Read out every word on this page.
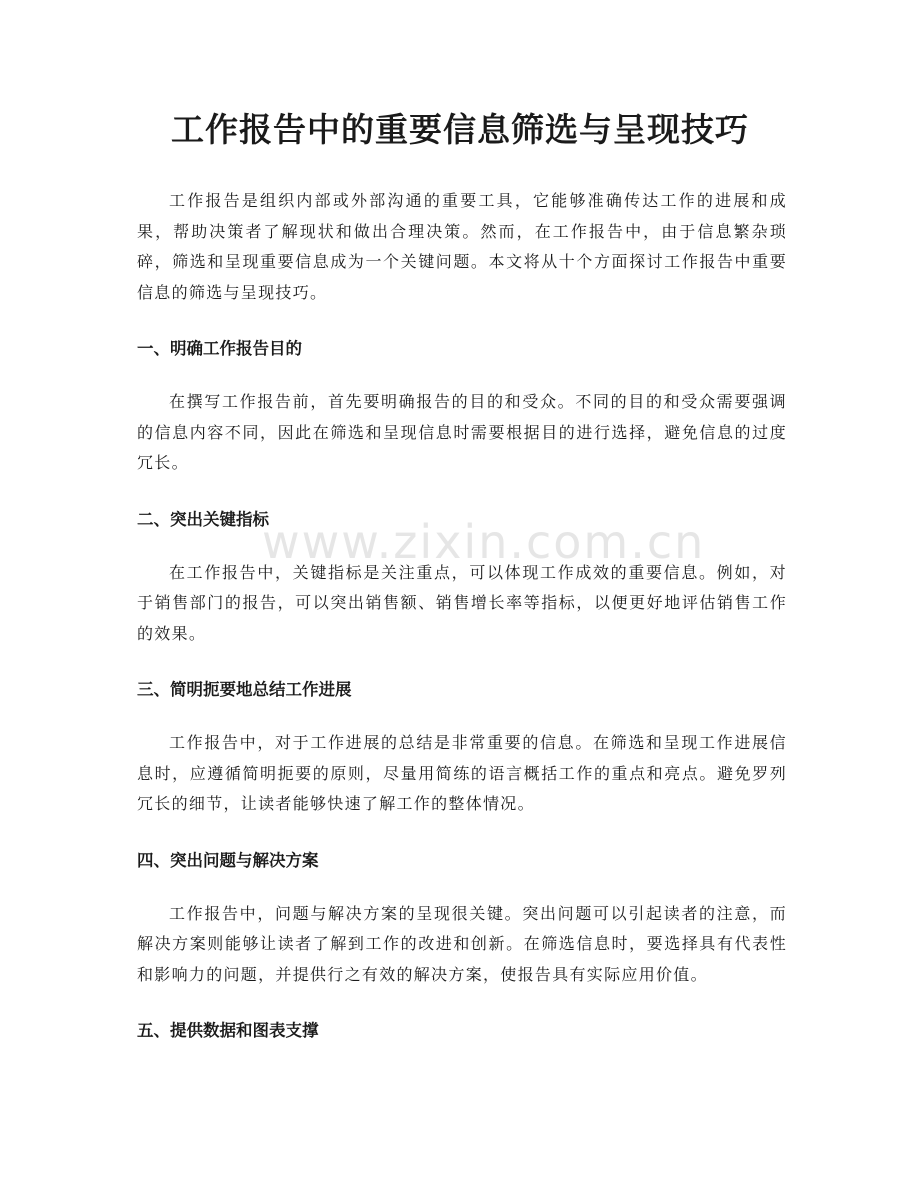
工作报告中的重要信息筛选与呈现技巧
www.zixin.com.cn

工作报告是组织内部或外部沟通的重要工具，它能够准确传达工作的进展和成果，帮助决策者了解现状和做出合理决策。然而，在工作报告中，由于信息繁杂琐碎，筛选和呈现重要信息成为一个关键问题。本文将从十个方面探讨工作报告中重要信息的筛选与呈现技巧。

一、明确工作报告目的

在撰写工作报告前，首先要明确报告的目的和受众。不同的目的和受众需要强调的信息内容不同，因此在筛选和呈现信息时需要根据目的进行选择，避免信息的过度冗长。

二、突出关键指标

在工作报告中，关键指标是关注重点，可以体现工作成效的重要信息。例如，对于销售部门的报告，可以突出销售额、销售增长率等指标，以便更好地评估销售工作的效果。

三、简明扼要地总结工作进展

工作报告中，对于工作进展的总结是非常重要的信息。在筛选和呈现工作进展信息时，应遵循简明扼要的原则，尽量用简练的语言概括工作的重点和亮点。避免罗列冗长的细节，让读者能够快速了解工作的整体情况。

四、突出问题与解决方案

工作报告中，问题与解决方案的呈现很关键。突出问题可以引起读者的注意，而解决方案则能够让读者了解到工作的改进和创新。在筛选信息时，要选择具有代表性和影响力的问题，并提供行之有效的解决方案，使报告具有实际应用价值。

五、提供数据和图表支撑
